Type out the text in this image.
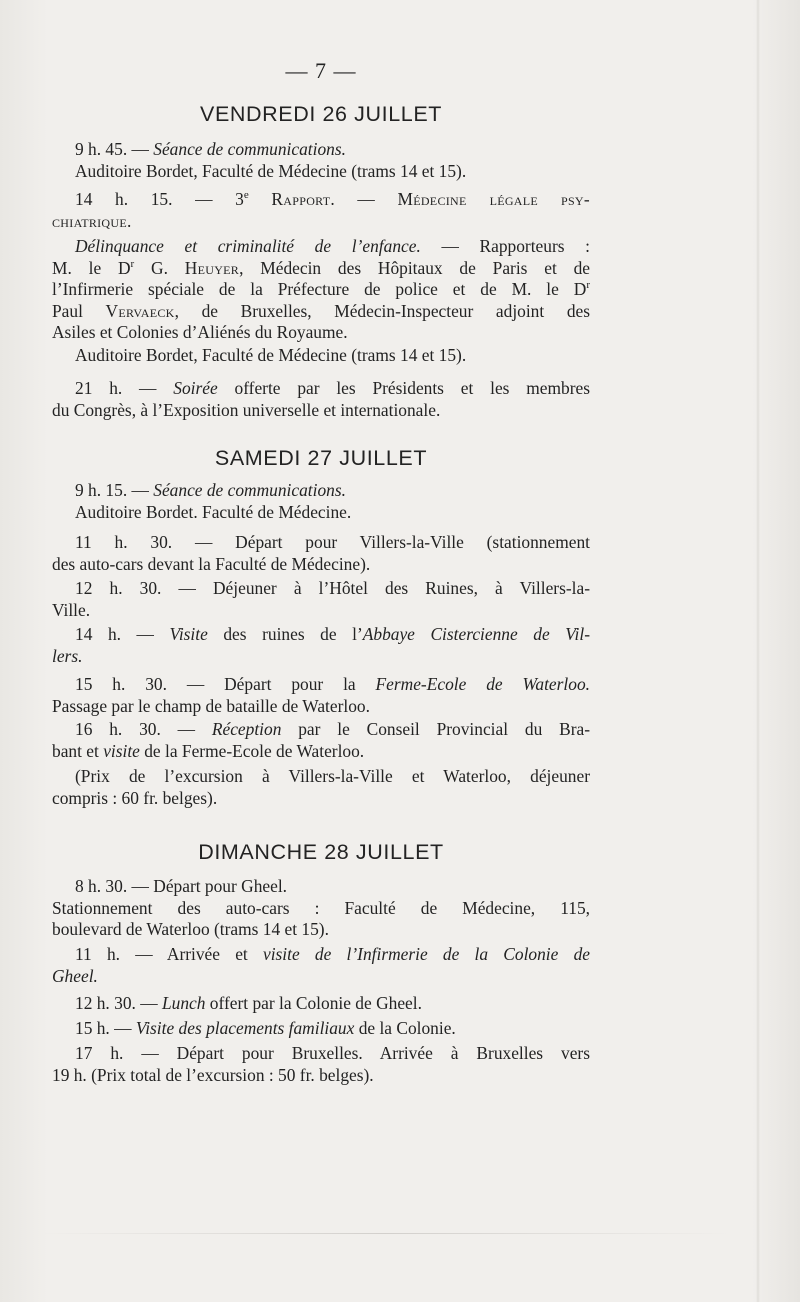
— 7 —
VENDREDI 26 JUILLET
9 h. 45. — Séance de communications.
Auditoire Bordet, Faculté de Médecine (trams 14 et 15).
14 h. 15. — 3e Rapport. — Médecine légale psy-
chiatrique.
Délinquance et criminalité de l’enfance. — Rapporteurs :
M. le $D^r$ G. Heuyer, Médecin des Hôpitaux de Paris et de
l’Infirmerie spéciale de la Préfecture de police et de M. le $D^r$
Paul Vervaeck, de Bruxelles, Médecin-Inspecteur adjoint des
Asiles et Colonies d’Aliénés du Royaume.
Auditoire Bordet, Faculté de Médecine (trams 14 et 15).
21 h. — Soirée offerte par les Présidents et les membres
du Congrès, à l’Exposition universelle et internationale.
SAMEDI 27 JUILLET
9 h. 15. — Séance de communications.
Auditoire Bordet. Faculté de Médecine.
11 h. 30. — Départ pour Villers-la-Ville (stationnement
des auto-cars devant la Faculté de Médecine).
12 h. 30. — Déjeuner à l’Hôtel des Ruines, à Villers-la-
Ville.
14 h. — Visite des ruines de l’Abbaye Cistercienne de Vil-
lers.
15 h. 30. — Départ pour la Ferme-Ecole de Waterloo.
Passage par le champ de bataille de Waterloo.
16 h. 30. — Réception par le Conseil Provincial du Bra-
bant et visite de la Ferme-Ecole de Waterloo.
(Prix de l’excursion à Villers-la-Ville et Waterloo, déjeuner
compris : 60 fr. belges).
DIMANCHE 28 JUILLET
8 h. 30. — Départ pour Gheel.
Stationnement des auto-cars : Faculté de Médecine, 115,
boulevard de Waterloo (trams 14 et 15).
11 h. — Arrivée et visite de l’Infirmerie de la Colonie de
Gheel.
12 h. 30. — Lunch offert par la Colonie de Gheel.
15 h. — Visite des placements familiaux de la Colonie.
17 h. — Départ pour Bruxelles. Arrivée à Bruxelles vers
19 h. (Prix total de l’excursion : 50 fr. belges).
